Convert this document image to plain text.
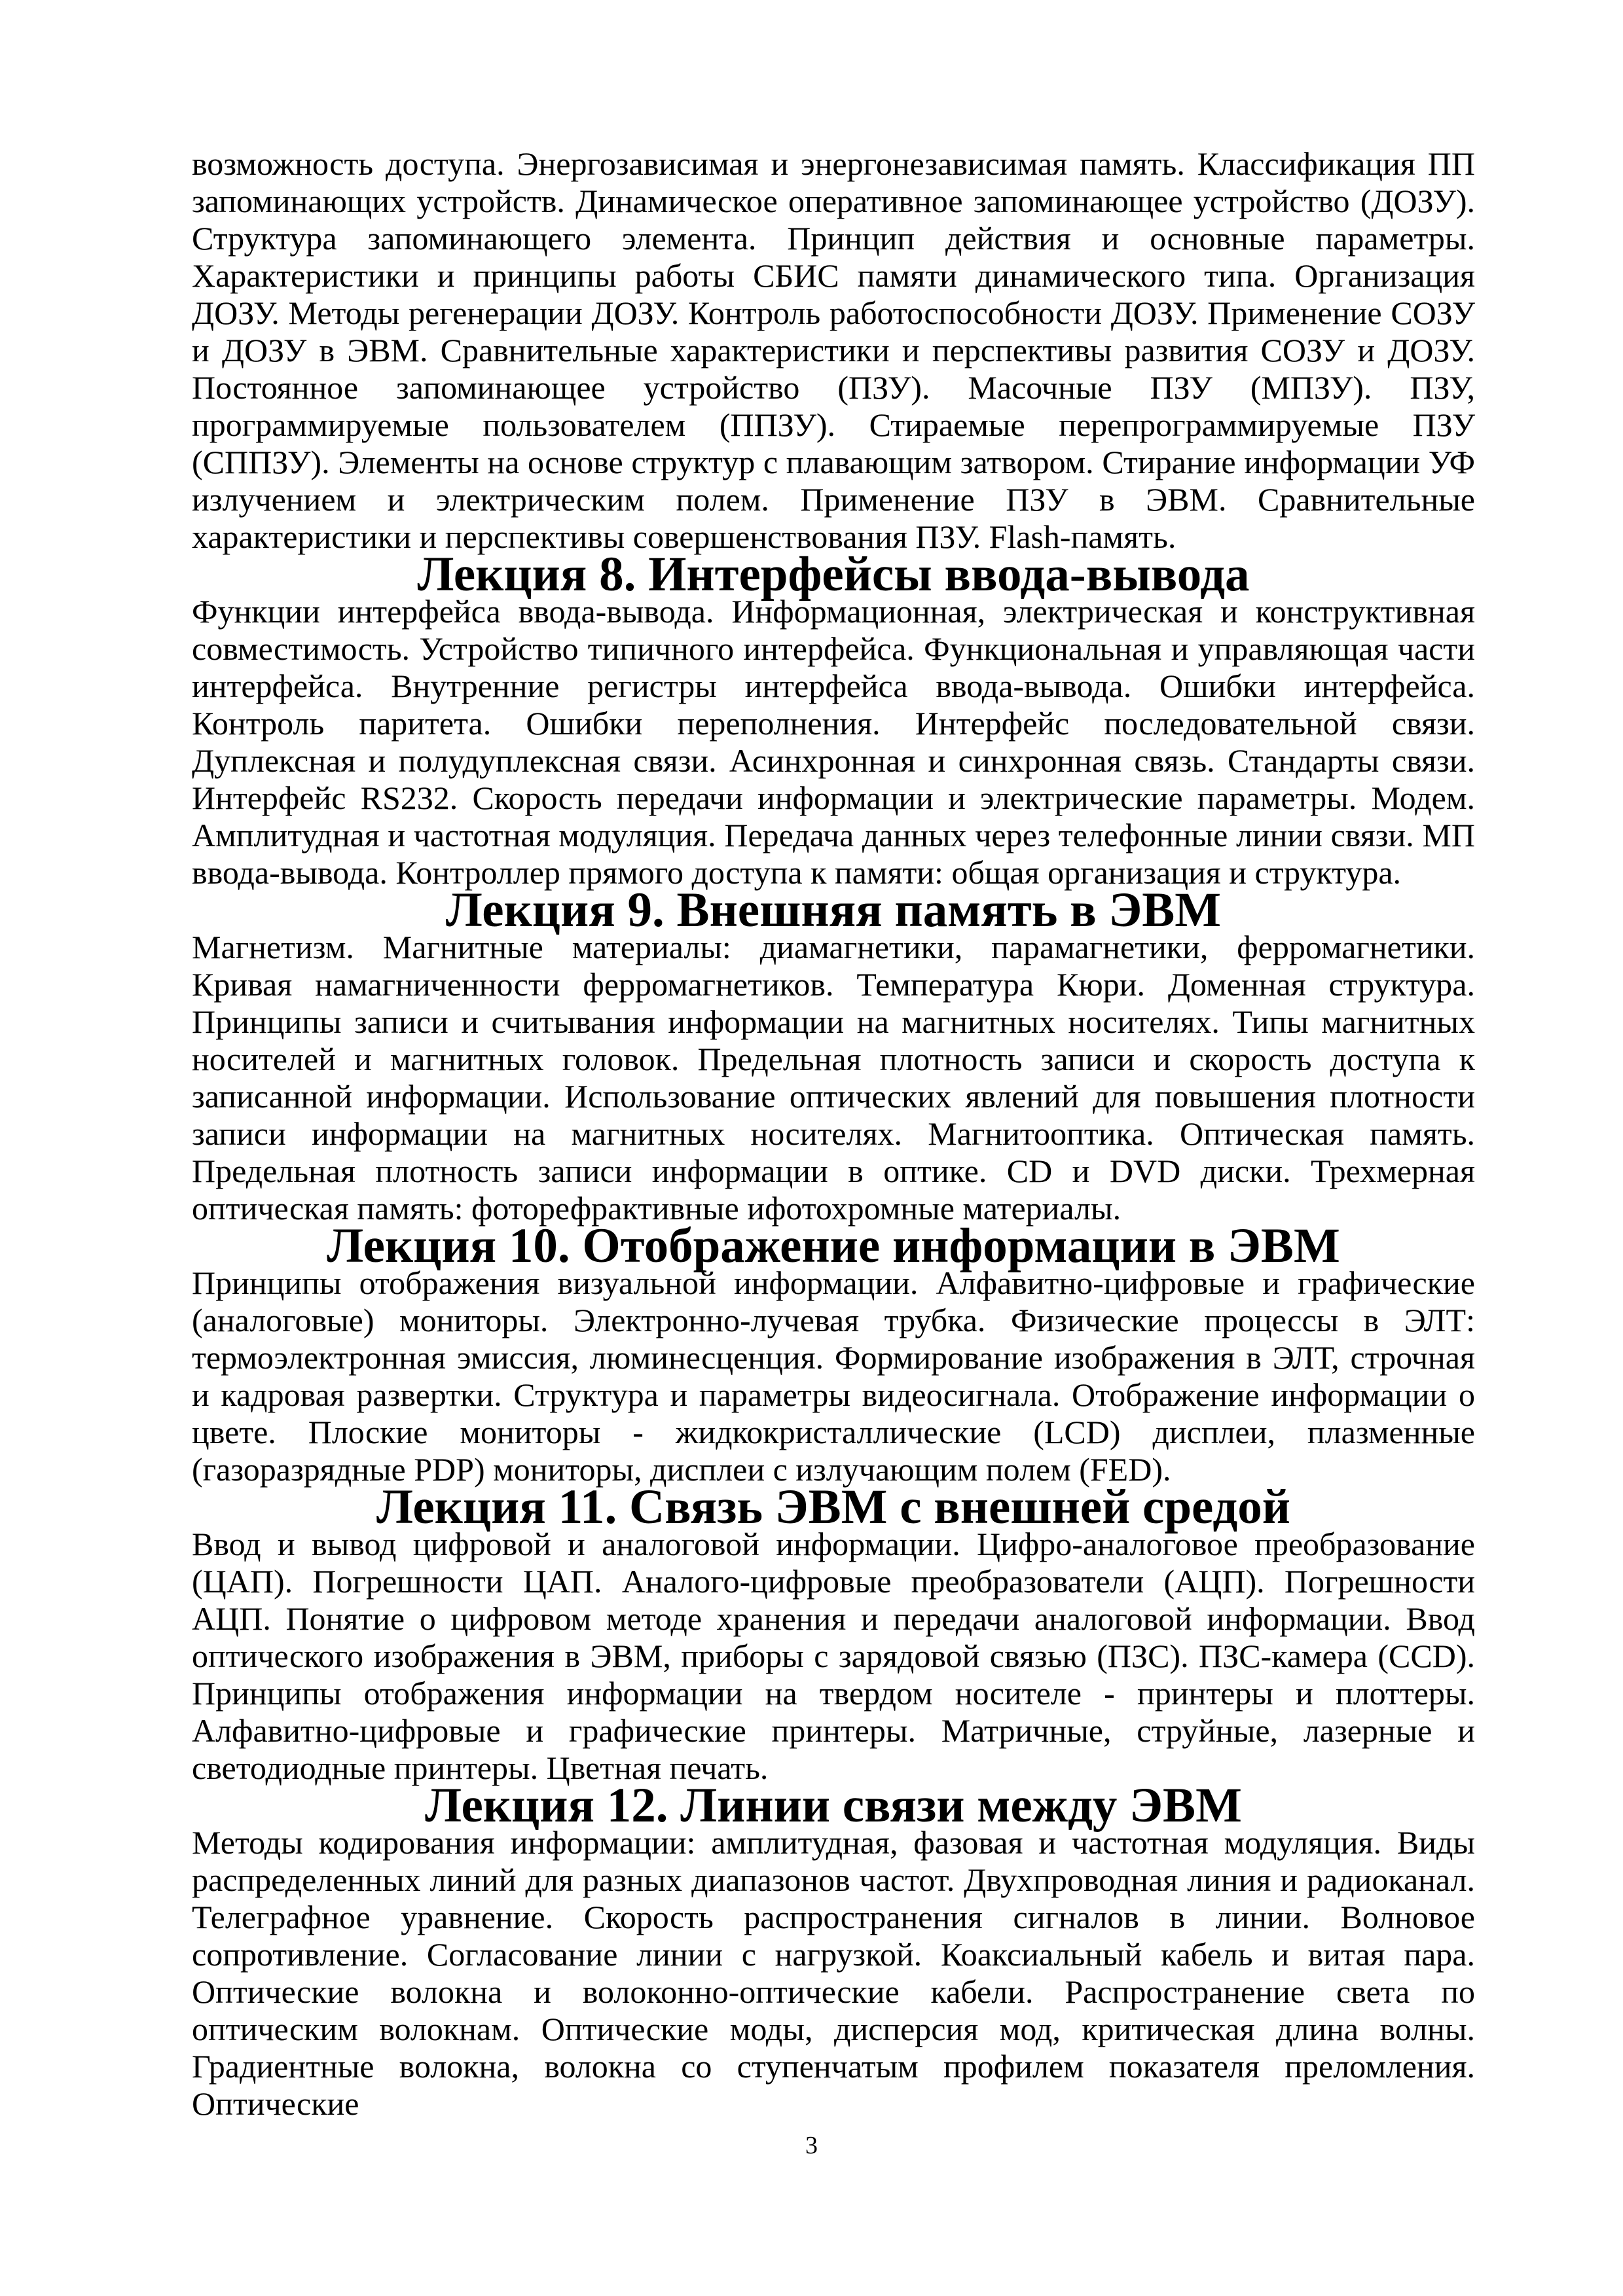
возможность доступа. Энергозависимая и энергонезависимая память. Классификация ПП запоминающих устройств. Динамическое оперативное запоминающее устройство (ДОЗУ). Структура запоминающего элемента. Принцип действия и основные параметры. Характеристики и принципы работы СБИС памяти динамического типа. Организация ДОЗУ. Методы регенерации ДОЗУ. Контроль работоспособности ДОЗУ. Применение СОЗУ и ДОЗУ в ЭВМ. Сравнительные характеристики и перспективы развития СОЗУ и ДОЗУ. Постоянное запоминающее устройство (ПЗУ). Масочные ПЗУ (МПЗУ). ПЗУ, программируемые пользователем (ППЗУ). Стираемые перепрограммируемые ПЗУ (СППЗУ). Элементы на основе структур с плавающим затвором. Стирание информации УФ излучением и электрическим полем. Применение ПЗУ в ЭВМ. Сравнительные характеристики и перспективы совершенствования ПЗУ. Flash-память.

Лекция 8. Интерфейсы ввода-вывода

Функции интерфейса ввода-вывода. Информационная, электрическая и конструктивная совместимость. Устройство типичного интерфейса. Функциональная и управляющая части интерфейса. Внутренние регистры интерфейса ввода-вывода. Ошибки интерфейса. Контроль паритета. Ошибки переполнения. Интерфейс последовательной связи. Дуплексная и полудуплексная связи. Асинхронная и синхронная связь. Стандарты связи. Интерфейс RS232. Скорость передачи информации и электрические параметры. Модем. Амплитудная и частотная модуляция. Передача данных через телефонные линии связи. МП ввода-вывода. Контроллер прямого доступа к памяти: общая организация и структура.

Лекция 9. Внешняя память в ЭВМ

Магнетизм. Магнитные материалы: диамагнетики, парамагнетики, ферромагнетики. Кривая намагниченности ферромагнетиков. Температура Кюри. Доменная структура. Принципы записи и считывания информации на магнитных носителях. Типы магнитных носителей и магнитных головок. Предельная плотность записи и скорость доступа к записанной информации. Использование оптических явлений для повышения плотности записи информации на магнитных носителях. Магнитооптика. Оптическая память. Предельная плотность записи информации в оптике. CD и DVD диски. Трехмерная оптическая память: фоторефрактивные ифотохромные материалы.

Лекция 10. Отображение информации в ЭВМ

Принципы отображения визуальной информации. Алфавитно-цифровые и графические (аналоговые) мониторы. Электронно-лучевая трубка. Физические процессы в ЭЛТ: термоэлектронная эмиссия, люминесценция. Формирование изображения в ЭЛТ, строчная и кадровая развертки. Структура и параметры видеосигнала. Отображение информации о цвете. Плоские мониторы - жидкокристаллические (LCD) дисплеи, плазменные (газоразрядные PDP) мониторы, дисплеи с излучающим полем (FED).

Лекция 11. Связь ЭВМ с внешней средой

Ввод и вывод цифровой и аналоговой информации. Цифро-аналоговое преобразование (ЦАП). Погрешности ЦАП. Аналого-цифровые преобразователи (АЦП). Погрешности АЦП. Понятие о цифровом методе хранения и передачи аналоговой информации. Ввод оптического изображения в ЭВМ, приборы с зарядовой связью (ПЗС). ПЗС-камера (CCD). Принципы отображения информации на твердом носителе - принтеры и плоттеры. Алфавитно-цифровые и графические принтеры. Матричные, струйные, лазерные и светодиодные принтеры. Цветная печать.

Лекция 12. Линии связи между ЭВМ

Методы кодирования информации: амплитудная, фазовая и частотная модуляция. Виды распределенных линий для разных диапазонов частот. Двухпроводная линия и радиоканал. Телеграфное уравнение. Скорость распространения сигналов в линии. Волновое сопротивление. Согласование линии с нагрузкой. Коаксиальный кабель и витая пара. Оптические волокна и волоконно-оптические кабели. Распространение света по оптическим волокнам. Оптические моды, дисперсия мод, критическая длина волны. Градиентные волокна, волокна со ступенчатым профилем показателя преломления. Оптические

3
